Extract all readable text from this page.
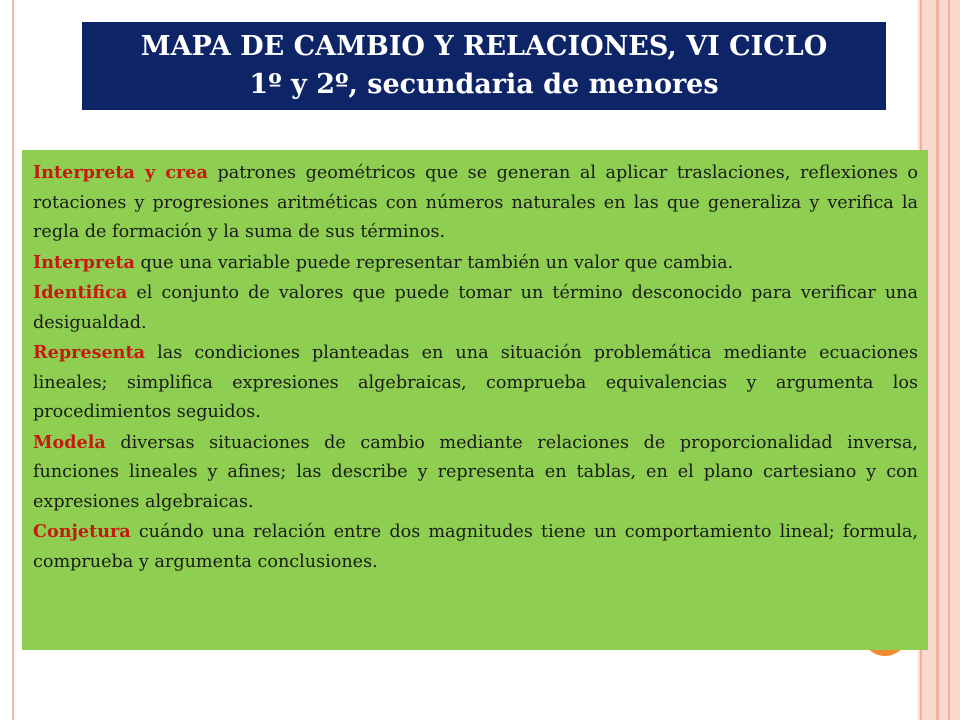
MAPA DE CAMBIO Y RELACIONES, VI CICLO
1º y 2º, secundaria de menores

Interpreta y crea patrones geométricos que se generan al aplicar traslaciones, reflexiones o rotaciones y progresiones aritméticas con números naturales en las que generaliza y verifica la regla de formación y la suma de sus términos.

Interpreta que una variable puede representar también un valor que cambia.

Identifica el conjunto de valores que puede tomar un término desconocido para verificar una desigualdad.

Representa las condiciones planteadas en una situación problemática mediante ecuaciones lineales; simplifica expresiones algebraicas, comprueba equivalencias y argumenta los procedimientos seguidos.

Modela diversas situaciones de cambio mediante relaciones de proporcionalidad inversa, funciones lineales y afines; las describe y representa en tablas, en el plano cartesiano y con expresiones algebraicas.

Conjetura cuándo una relación entre dos magnitudes tiene un comportamiento lineal; formula, comprueba y argumenta conclusiones.
